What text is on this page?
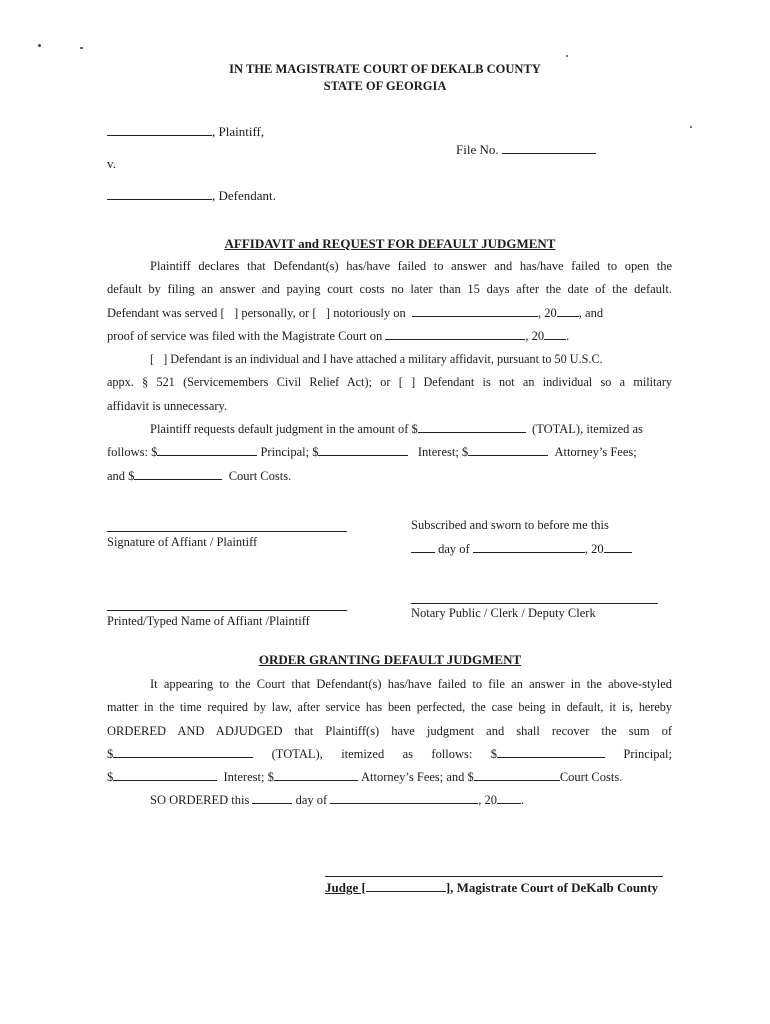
IN THE MAGISTRATE COURT OF DEKALB COUNTY
STATE OF GEORGIA
, Plaintiff,
File No.
v.
, Defendant.
AFFIDAVIT and REQUEST FOR DEFAULT JUDGMENT
Plaintiff declares that Defendant(s) has/have failed to answer and has/have failed to open the
default by filing an answer and paying court costs no later than 15 days after the date of the default.
Defendant was served [ ] personally, or [ ] notoriously on	, 20 , and
proof of service was filed with the Magistrate Court on	, 20 .
[ ] Defendant is an individual and I have attached a military affidavit, pursuant to 50 U.S.C.
appx. § 521 (Servicemembers Civil Relief Act); or [ ] Defendant is not an individual so a military
affidavit is unnecessary.
Plaintiff requests default judgment in the amount of $	(TOTAL), itemized as
follows: $	Principal; $	Interest; $	Attorney’s Fees;
and $	Court Costs.
Signature of Affiant / Plaintiff
Subscribed and sworn to before me this
day of	, 20
Printed/Typed Name of Affiant /Plaintiff
Notary Public / Clerk / Deputy Clerk
ORDER GRANTING DEFAULT JUDGMENT
It appearing to the Court that Defendant(s) has/have failed to file an answer in the above-styled
matter in the time required by law, after service has been perfected, the case being in default, it is, hereby
ORDERED AND ADJUDGED that Plaintiff(s) have judgment and shall recover the sum of
$	(TOTAL), itemized as follows: $	Principal;
$	Interest; $	Attorney’s Fees; and $	Court Costs.
SO ORDERED this	day of	, 20 .
Judge [	], Magistrate Court of DeKalb County
